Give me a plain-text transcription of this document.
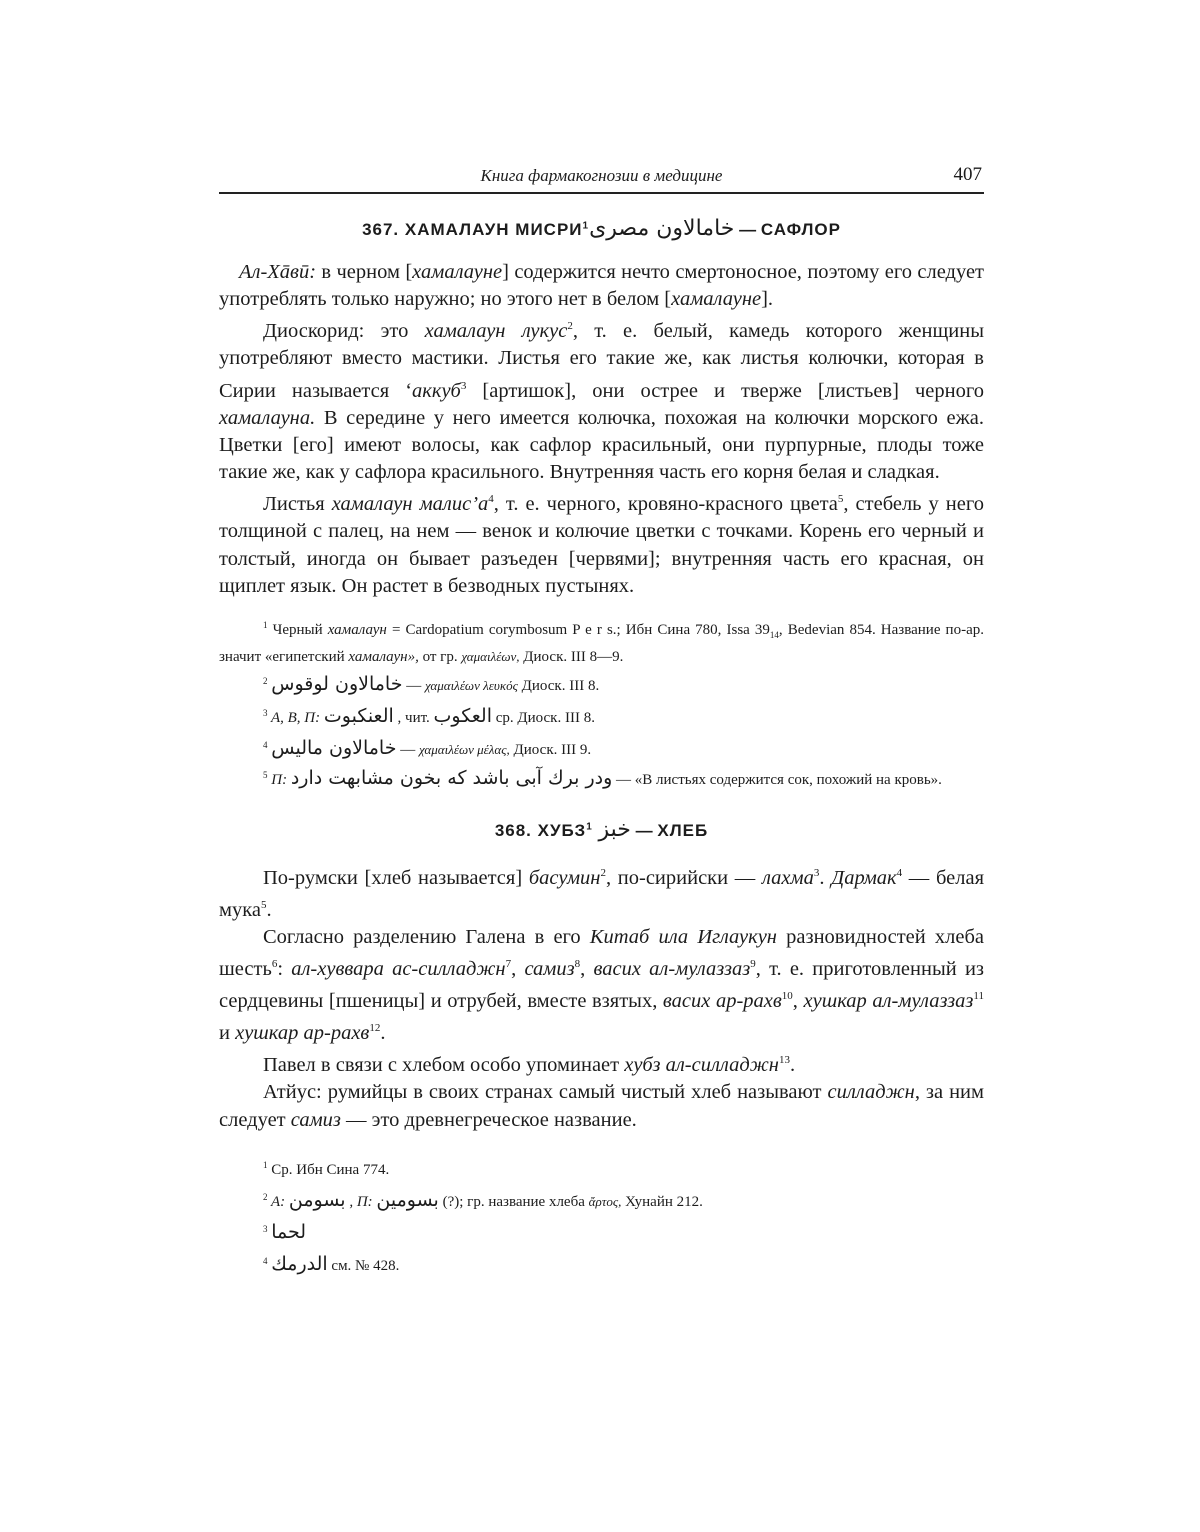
Книга фармакогнозии в медицине	407
367. ХАМАЛАУН МИСРИ$^1$خامالاون مصرى — САФЛОР

Ал-Хāвӣ: в черном [хамалауне] содержится нечто смертоносное, поэтому его следует употреблять только наружно; но этого нет в белом [хамалауне].

Диоскорид: это хамалаун лукус$^2$, т. е. белый, камедь которого женщины употребляют вместо мастики. Листья его такие же, как листья колючки, которая в Сирии называется ‘аккуб$^3$ [артишок], они острее и тверже [листьев] черного хамалауна. В середине у него имеется колючка, похожая на колючки морского ежа. Цветки [его] имеют волосы, как сафлор красильный, они пурпурные, плоды тоже такие же, как у сафлора красильного. Внутренняя часть его корня белая и сладкая.

Листья хамалаун $малис’а^4$, т. е. черного, кровяно-красного цвета$^5$, стебель у него толщиной с палец, на нем — венок и колючие цветки с точками. Корень его черный и толстый, иногда он бывает разъеден [червями]; внутренняя часть его красная, он щиплет язык. Он растет в безводных пустынях.

$^1$ Черный хамалаун = Cardopatium corymbosum P e r s.; Ибн Сина 780, Issa $39_{14}$, Bedevian 854. Название по-ар. значит «египетский хамалаун», от гр. χαμαιλέων, Диоск. III 8—9.

$^2$ خامالاون لوقوس — χαμαιλέων λευκός Диоск. III 8.

$^3$ A, B, П: العنكبوت , чит. العكوب ср. Диоск. III 8.

$^4$ خامالاون ماليس — χαμαιλέων μέλας, Диоск. III 9.

$^5$ П: ودر برك آبى باشد كه بخون مشابهت دارد — «В листьях содержится сок, похожий на кровь».

368. ХУБЗ$^1$ خبز — ХЛЕБ

По-румски [хлеб называется] басумин$^2$, по-сирийски — лахма$^3$. Дармак$^4$ — белая мука$^5$.

Согласно разделению Галена в его Китаб ила Иглаукун разновидностей хлеба шесть$^6$: ал-хуввара ас-силладжн$^7$, самиз$^8$, васих ал-мулаззаз$^9$, т. е. приготовленный из сердцевины [пшеницы] и отрубей, вместе взятых, васих ар-рахв$^{10}$, хушкар ал-мулаззаз$^{11}$ и хушкар ар-рахв$^{12}$.

Павел в связи с хлебом особо упоминает хубз ал-силладжн$^{13}$.

Атйус: румийцы в своих странах самый чистый хлеб называют силладжн, за ним следует самиз — это древнегреческое название.

$^1$ Ср. Ибн Сина 774.

$^2$ A: بسومن , П: بسومين (?); гр. название хлеба ἄρτος, Хунайн 212.

$^3$ لحما

$^4$ الدرمك см. № 428.
